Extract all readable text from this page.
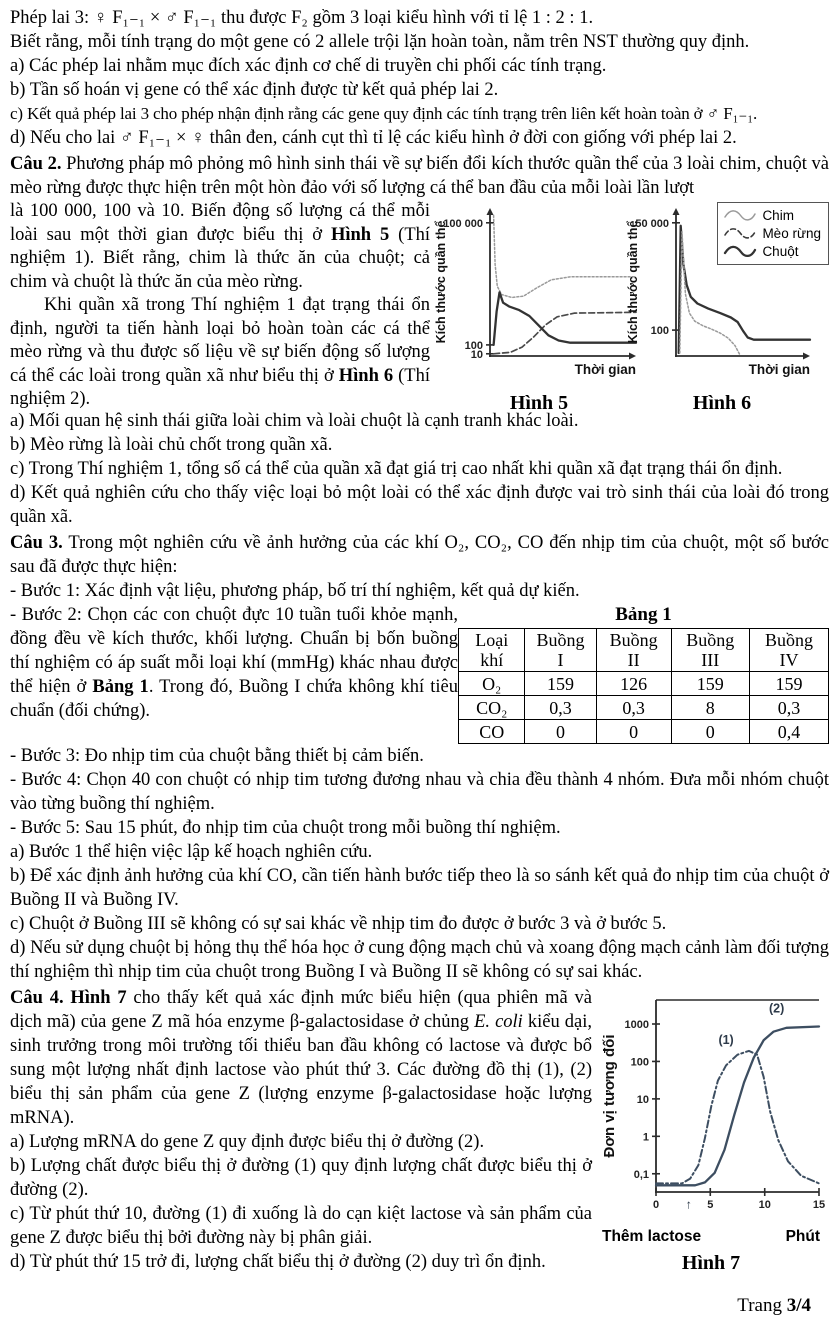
Phép lai 3: ♀ F₁₋₁ × ♂ F₁₋₁ thu được F₂ gồm 3 loại kiểu hình với tỉ lệ 1 : 2 : 1.
Biết rằng, mỗi tính trạng do một gene có 2 allele trội lặn hoàn toàn, nằm trên NST thường quy định.
a) Các phép lai nhằm mục đích xác định cơ chế di truyền chi phối các tính trạng.
b) Tần số hoán vị gene có thể xác định được từ kết quả phép lai 2.
c) Kết quả phép lai 3 cho phép nhận định rằng các gene quy định các tính trạng trên liên kết hoàn toàn ở ♂ F₁₋₁.
d) Nếu cho lai ♂ F₁₋₁ × ♀ thân đen, cánh cụt thì tỉ lệ các kiểu hình ở đời con giống với phép lai 2.
Câu 2. Phương pháp mô phỏng mô hình sinh thái về sự biến đổi kích thước quần thể của 3 loài chim, chuột và mèo rừng được thực hiện trên một hòn đảo với số lượng cá thể ban đầu của mỗi loài lần lượt
là 100 000, 100 và 10. Biến động số lượng cá thể mỗi loài sau một thời gian được biểu thị ở Hình 5 (Thí nghiệm 1). Biết rằng, chim là thức ăn của chuột; cả chim và chuột là thức ăn của mèo rừng.
Khi quần xã trong Thí nghiệm 1 đạt trạng thái ổn định, người ta tiến hành loại bỏ hoàn toàn các cá thể mèo rừng và thu được số liệu về sự biến động số lượng cá thể các loài trong quần xã như biểu thị ở Hình 6 (Thí nghiệm 2).
100 000
100
10
Thời gian
Kích thước quần thể
Hình 5
50 000
100
Thời gian
Kích thước quần thể
Hình 6
Chim
Mèo rừng
Chuột
a) Mối quan hệ sinh thái giữa loài chim và loài chuột là cạnh tranh khác loài.
b) Mèo rừng là loài chủ chốt trong quần xã.
c) Trong Thí nghiệm 1, tổng số cá thể của quần xã đạt giá trị cao nhất khi quần xã đạt trạng thái ổn định.
d) Kết quả nghiên cứu cho thấy việc loại bỏ một loài có thể xác định được vai trò sinh thái của loài đó trong quần xã.
Câu 3. Trong một nghiên cứu về ảnh hưởng của các khí O₂, CO₂, CO đến nhịp tim của chuột, một số bước sau đã được thực hiện:
- Bước 1: Xác định vật liệu, phương pháp, bố trí thí nghiệm, kết quả dự kiến.
- Bước 2: Chọn các con chuột đực 10 tuần tuổi khỏe mạnh, đồng đều về kích thước, khối lượng. Chuẩn bị bốn buồng thí nghiệm có áp suất mỗi loại khí (mmHg) khác nhau được thể hiện ở Bảng 1. Trong đó, Buồng I chứa không khí tiêu chuẩn (đối chứng).
Bảng 1
Loại khí	Buồng I	Buồng II	Buồng III	Buồng IV
O₂	159	126	159	159
CO₂	0,3	0,3	8	0,3
CO	0	0	0	0,4
- Bước 3: Đo nhịp tim của chuột bằng thiết bị cảm biến.
- Bước 4: Chọn 40 con chuột có nhịp tim tương đương nhau và chia đều thành 4 nhóm. Đưa mỗi nhóm chuột vào từng buồng thí nghiệm.
- Bước 5: Sau 15 phút, đo nhịp tim của chuột trong mỗi buồng thí nghiệm.
a) Bước 1 thể hiện việc lập kế hoạch nghiên cứu.
b) Để xác định ảnh hưởng của khí CO, cần tiến hành bước tiếp theo là so sánh kết quả đo nhịp tim của chuột ở Buồng II và Buồng IV.
c) Chuột ở Buồng III sẽ không có sự sai khác về nhịp tim đo được ở bước 3 và ở bước 5.
d) Nếu sử dụng chuột bị hỏng thụ thể hóa học ở cung động mạch chủ và xoang động mạch cảnh làm đối tượng thí nghiệm thì nhịp tim của chuột trong Buồng I và Buồng II sẽ không có sự sai khác.
Câu 4. Hình 7 cho thấy kết quả xác định mức biểu hiện (qua phiên mã và dịch mã) của gene Z mã hóa enzyme β-galactosidase ở chủng E. coli kiểu dại, sinh trưởng trong môi trường tối thiểu ban đầu không có lactose và được bổ sung một lượng nhất định lactose vào phút thứ 3. Các đường đồ thị (1), (2) biểu thị sản phẩm của gene Z (lượng enzyme β-galactosidase hoặc lượng mRNA).
a) Lượng mRNA do gene Z quy định được biểu thị ở đường (2).
b) Lượng chất được biểu thị ở đường (1) quy định lượng chất được biểu thị ở đường (2).
c) Từ phút thứ 10, đường (1) đi xuống là do cạn kiệt lactose và sản phẩm của gene Z được biểu thị bởi đường này bị phân giải.
d) Từ phút thứ 15 trở đi, lượng chất biểu thị ở đường (2) duy trì ổn định.
1000
100
10
1
0,1
0	5	10	15
Đơn vị tương đối	(1)
(2)
↑
Thêm lactose	Phút
Hình 7
Trang 3/4
